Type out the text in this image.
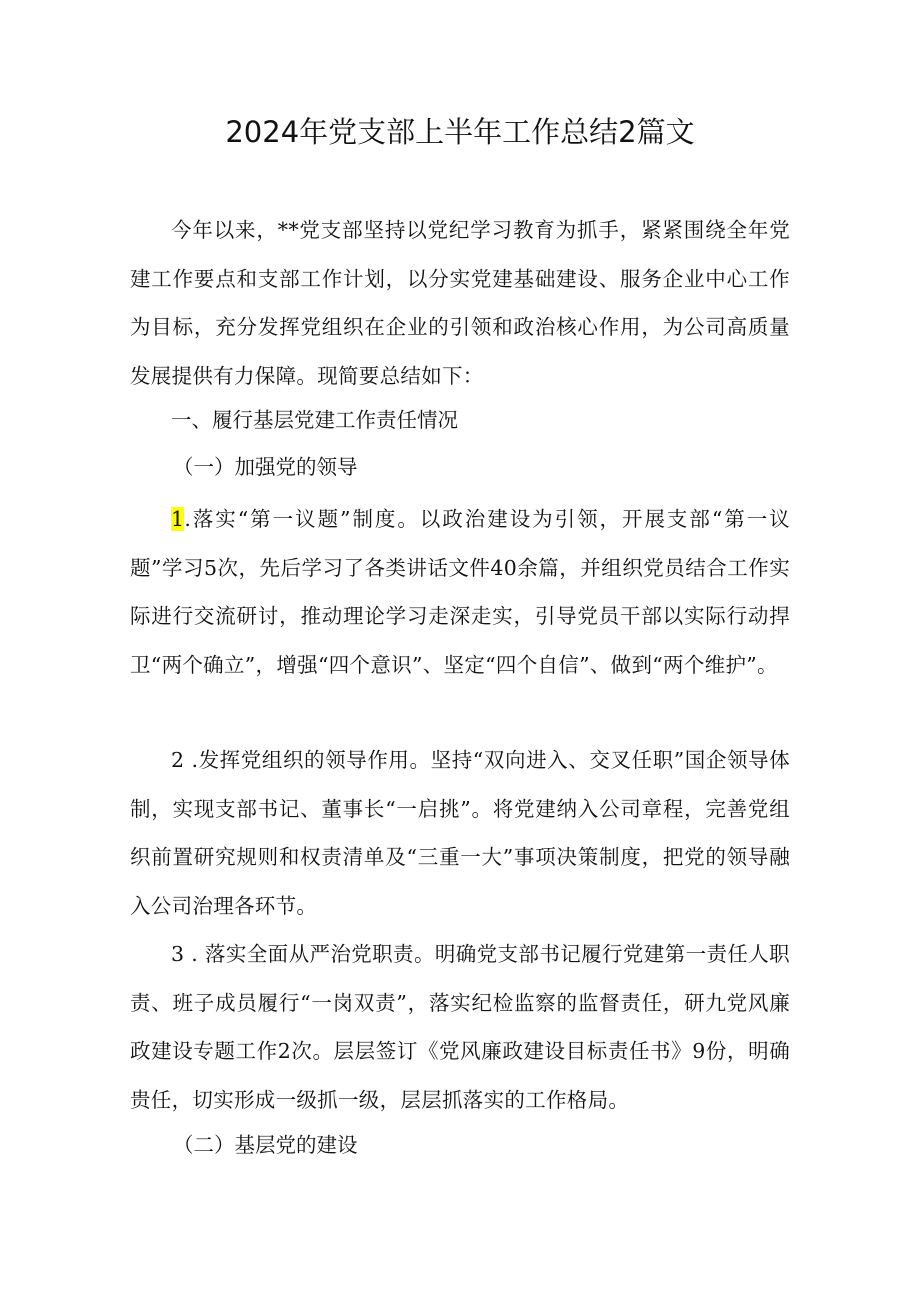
2024年党支部上半年工作总结2篇文

今年以来，**党支部坚持以党纪学习教育为抓手，紧紧围绕全年党建工作要点和支部工作计划，以分实党建基础建设、服务企业中心工作为目标，充分发挥党组织在企业的引领和政治核心作用，为公司高质量发展提供有力保障。现简要总结如下：

一、履行基层党建工作责任情况
（一）加强党的领导

1.落实“第一议题”制度。以政治建设为引领，开展支部“第一议题”学习5次，先后学习了各类讲话文件40余篇，并组织党员结合工作实际进行交流研讨，推动理论学习走深走实，引导党员干部以实际行动捍卫“两个确立”，增强“四个意识”、坚定“四个自信”、做到“两个维护”。

2 .发挥党组织的领导作用。坚持“双向进入、交叉任职”国企领导体制，实现支部书记、董事长“一启挑”。将党建纳入公司章程，完善党组织前置研究规则和权责清单及“三重一大”事项决策制度，把党的领导融入公司治理各环节。

3 . 落实全面从严治党职责。明确党支部书记履行党建第一责任人职责、班子成员履行“一岗双责”，落实纪检监察的监督责任，研九党风廉政建设专题工作2次。层层签订《党风廉政建设目标责任书》9份，明确贵任，切实形成一级抓一级，层层抓落实的工作格局。

（二）基层党的建设
